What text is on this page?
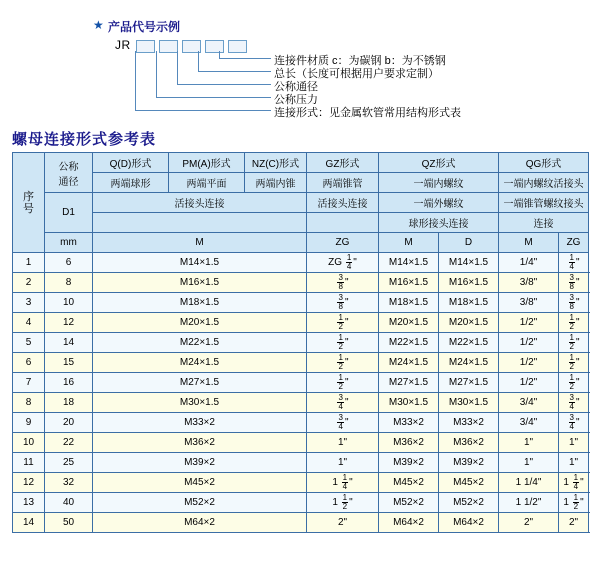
★ 产品代号示例
JR
连接件材质 c：为碳钢 b：为不锈钢
总长（长度可根据用户要求定制）
公称通径
公称压力
连接形式：见金属软管常用结构形式表
螺母连接形式参考表
序
号	公称
通径	Q(D)形式	PM(A)形式	NZ(C)形式	GZ形式	QZ形式		QG形式	
		两端球形	两端平面	两端内锥	两端锥管	一端内螺纹		一端内螺纹活接头	
	D1	活接头连接			活接头连接	一端外螺纹		一端锥管螺纹接头	
						球形接头连接		连接	
	mm	M			ZG	M	D	M	ZG
1	6	M14×1.5			ZG $\frac{1}{4}$ "	M14×1.5	M14×1.5	1/4"	$\frac{1}{4}$ "
2	8	M16×1.5			$\frac{3}{8}$ "	M16×1.5	M16×1.5	3/8"	$\frac{3}{8}$ "
3	10	M18×1.5			$\frac{3}{8}$ "	M18×1.5	M18×1.5	3/8"	$\frac{3}{8}$ "
4	12	M20×1.5			$\frac{1}{2}$ "	M20×1.5	M20×1.5	1/2"	$\frac{1}{2}$ "
5	14	M22×1.5			$\frac{1}{2}$ "	M22×1.5	M22×1.5	1/2"	$\frac{1}{2}$ "
6	15	M24×1.5			$\frac{1}{2}$ "	M24×1.5	M24×1.5	1/2"	$\frac{1}{2}$ "
7	16	M27×1.5			$\frac{1}{2}$ "	M27×1.5	M27×1.5	1/2"	$\frac{1}{2}$ "
8	18	M30×1.5			$\frac{3}{4}$ "	M30×1.5	M30×1.5	3/4"	$\frac{3}{4}$ "
9	20	M33×2			$\frac{3}{4}$ "	M33×2	M33×2	3/4"	$\frac{3}{4}$ "
10	22	M36×2			1"	M36×2	M36×2	1"	1"
11	25	M39×2			1"	M39×2	M39×2	1"	1"
12	32	M45×2			$1 \frac{1}{4}$ "	M45×2	M45×2	1 1/4"	$1 \frac{1}{4}$ "
13	40	M52×2			$1 \frac{1}{2}$ "	M52×2	M52×2	1 1/2"	$1 \frac{1}{2}$ "
14	50	M64×2			2"	M64×2	M64×2	2"	2"
